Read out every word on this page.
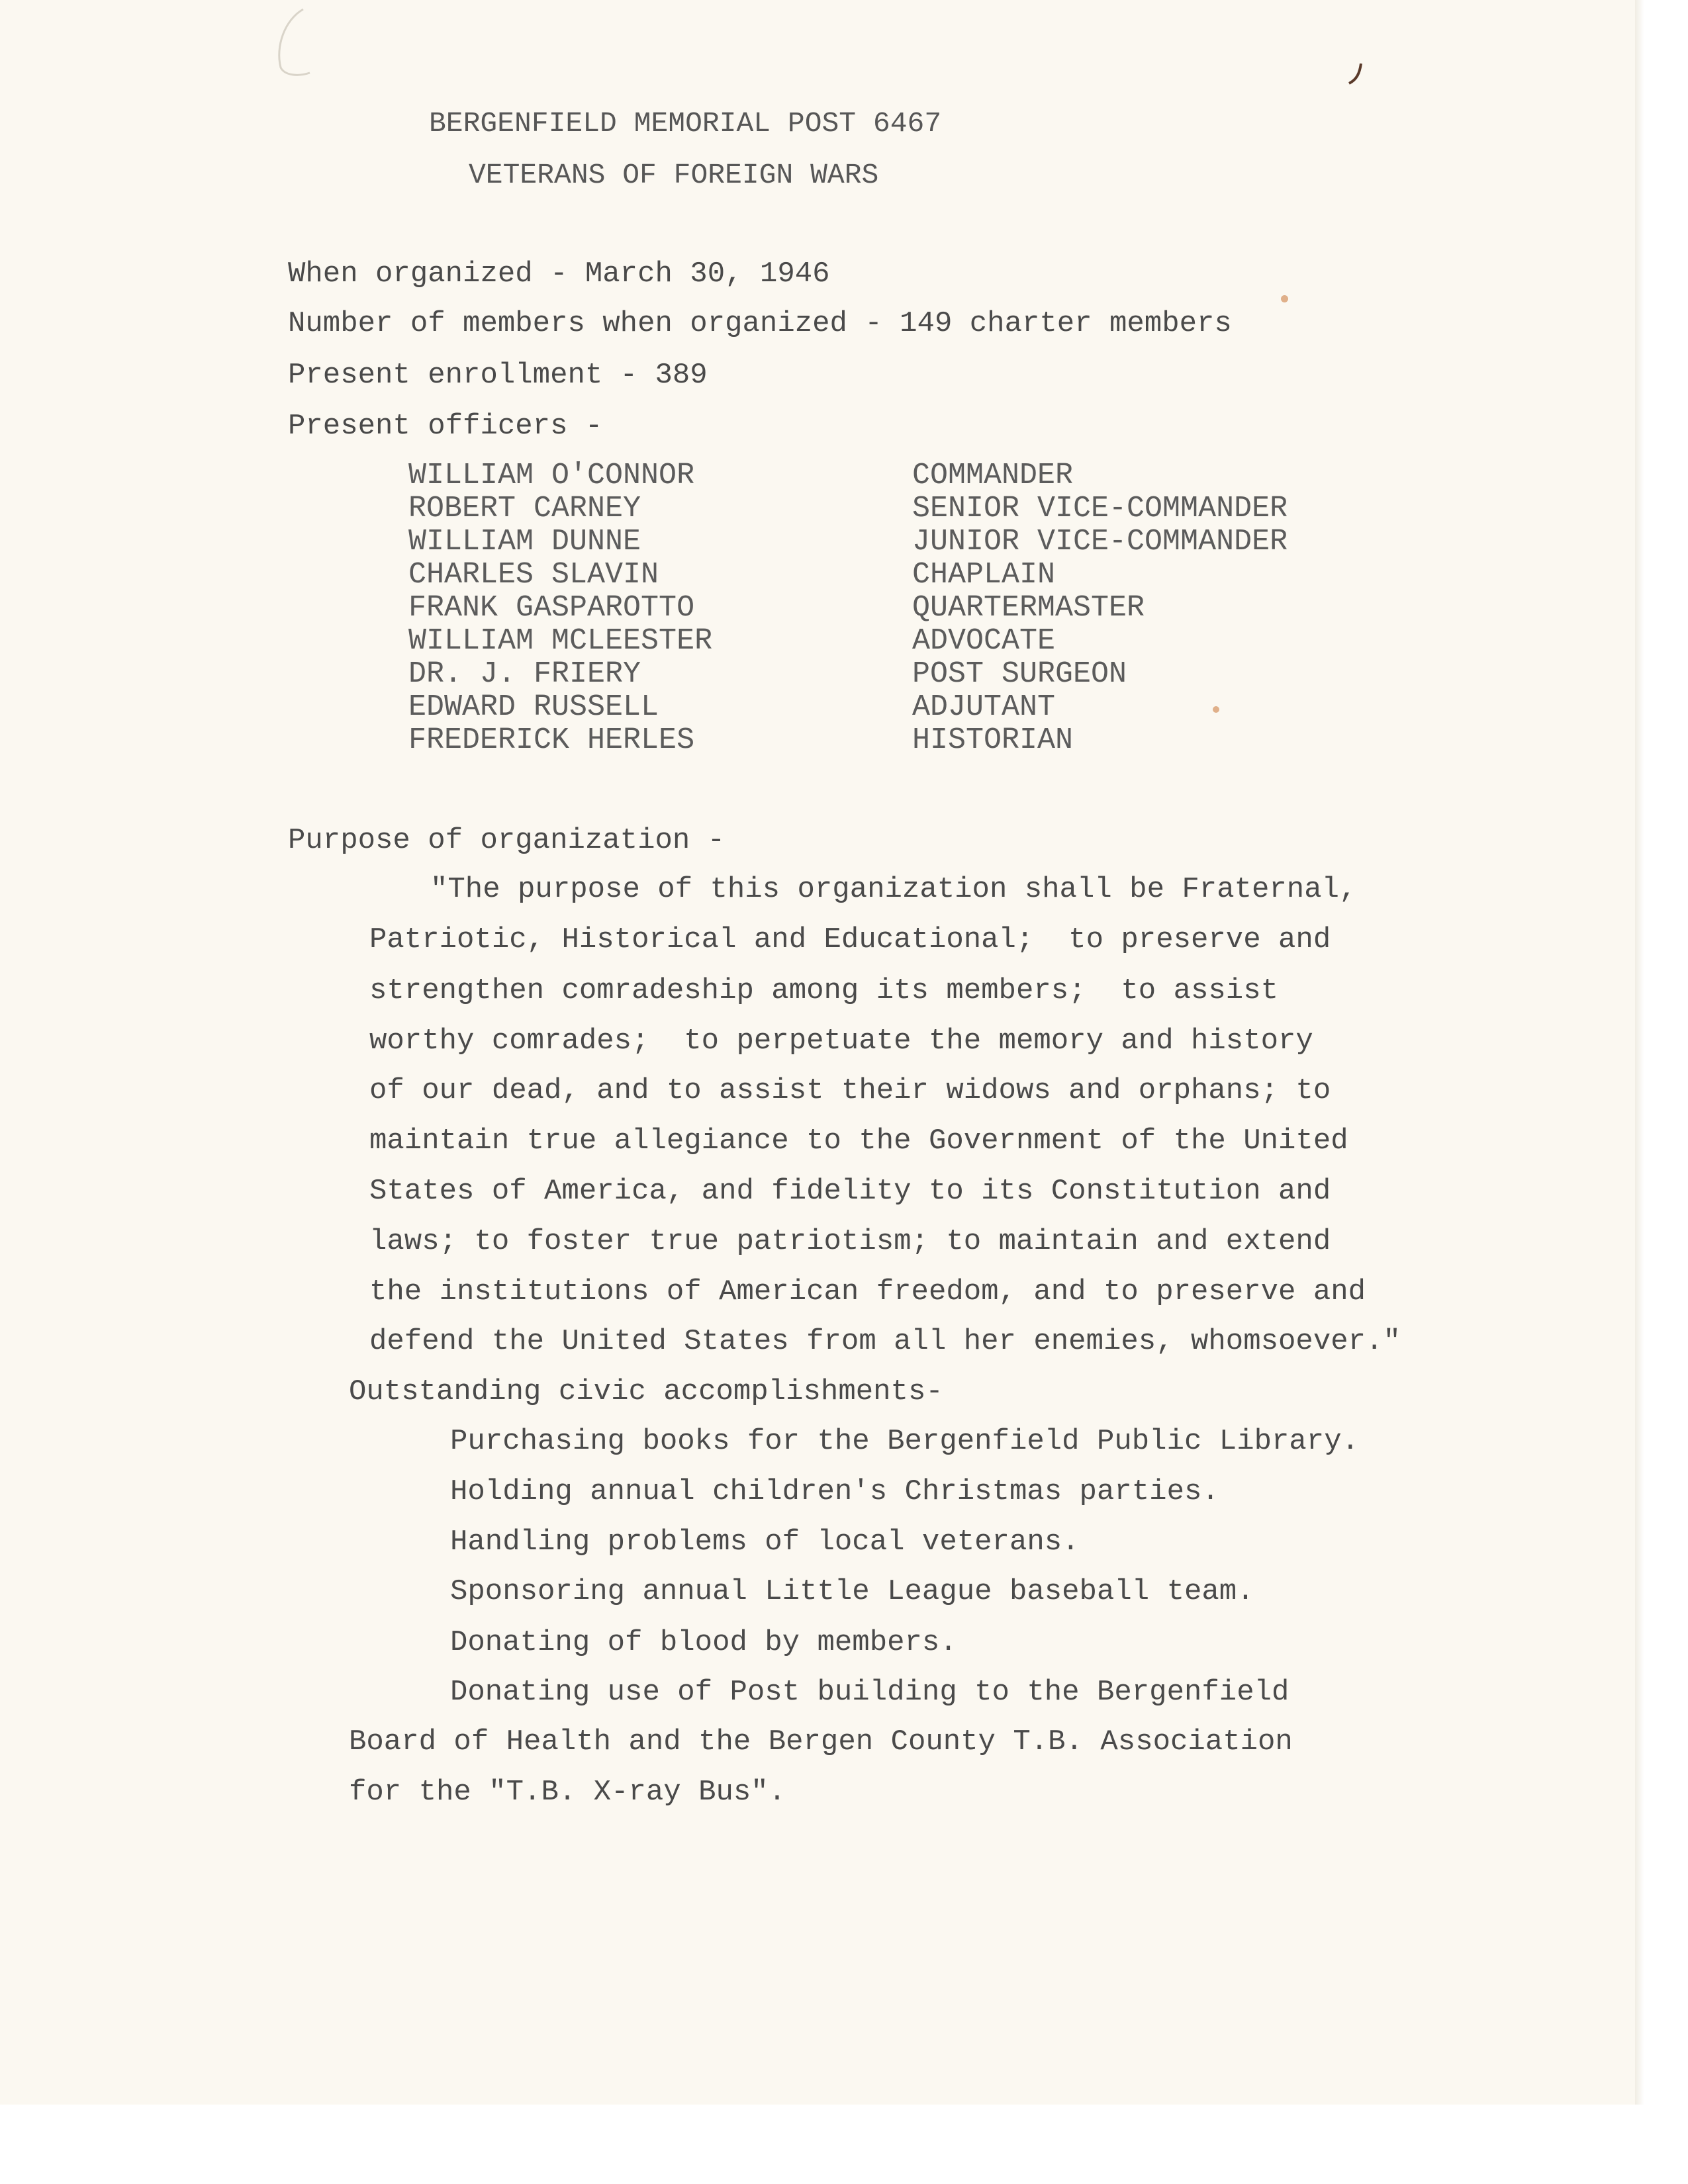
BERGENFIELD MEMORIAL POST 6467
VETERANS OF FOREIGN WARS
When organized - March 30, 1946
Number of members when organized - 149 charter members
Present enrollment - 389
Present officers -
WILLIAM O'CONNOR	COMMANDER
ROBERT CARNEY	SENIOR VICE-COMMANDER
WILLIAM DUNNE	JUNIOR VICE-COMMANDER
CHARLES SLAVIN	CHAPLAIN
FRANK GASPAROTTO	QUARTERMASTER
WILLIAM MCLEESTER	ADVOCATE
DR. J. FRIERY	POST SURGEON
EDWARD RUSSELL	ADJUTANT
FREDERICK HERLES	HISTORIAN
Purpose of organization -
"The purpose of this organization shall be Fraternal,
Patriotic, Historical and Educational;  to preserve and
strengthen comradeship among its members;  to assist
worthy comrades;  to perpetuate the memory and history
of our dead, and to assist their widows and orphans; to
maintain true allegiance to the Government of the United
States of America, and fidelity to its Constitution and
laws; to foster true patriotism; to maintain and extend
the institutions of American freedom, and to preserve and
defend the United States from all her enemies, whomsoever."
Outstanding civic accomplishments-
Purchasing books for the Bergenfield Public Library.
Holding annual children's Christmas parties.
Handling problems of local veterans.
Sponsoring annual Little League baseball team.
Donating of blood by members.
Donating use of Post building to the Bergenfield
Board of Health and the Bergen County T.B. Association
for the "T.B. X-ray Bus".
